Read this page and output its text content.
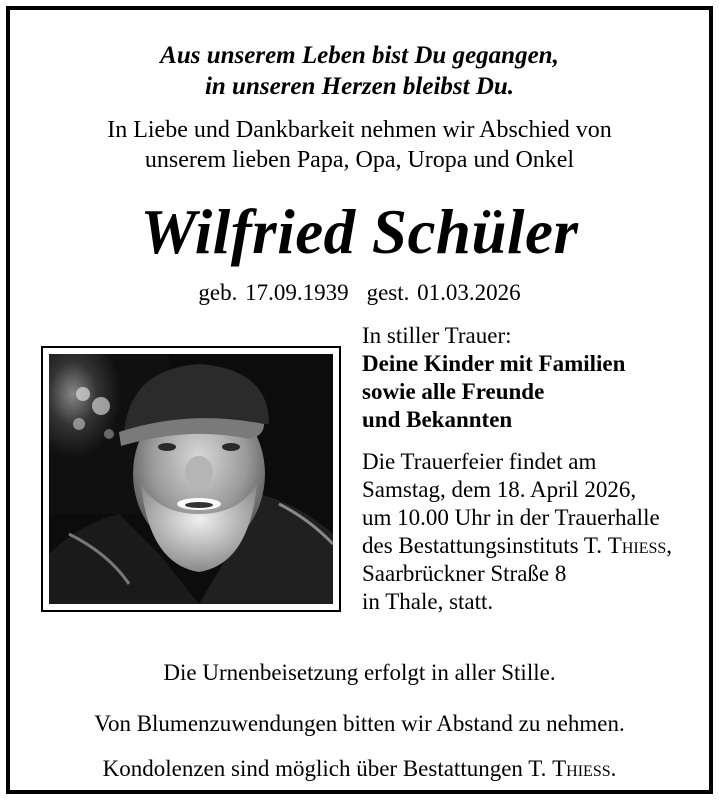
Aus unserem Leben bist Du gegangen,
in unseren Herzen bleibst Du.
In Liebe und Dankbarkeit nehmen wir Abschied von
unserem lieben Papa, Opa, Uropa und Onkel
Wilfried Schüler
geb. 17.09.1939 gest. 01.03.2026
In stiller Trauer:
Deine Kinder mit Familien
sowie alle Freunde
und Bekannten
Die Trauerfeier findet am
Samstag, dem 18. April 2026,
um 10.00 Uhr in der Trauerhalle
des Bestattungsinstituts T. Thieß,
Saarbrückner Straße 8
in Thale, statt.
Die Urnenbeisetzung erfolgt in aller Stille.
Von Blumenzuwendungen bitten wir Abstand zu nehmen.
Kondolenzen sind möglich über Bestattungen T. Thieß.
